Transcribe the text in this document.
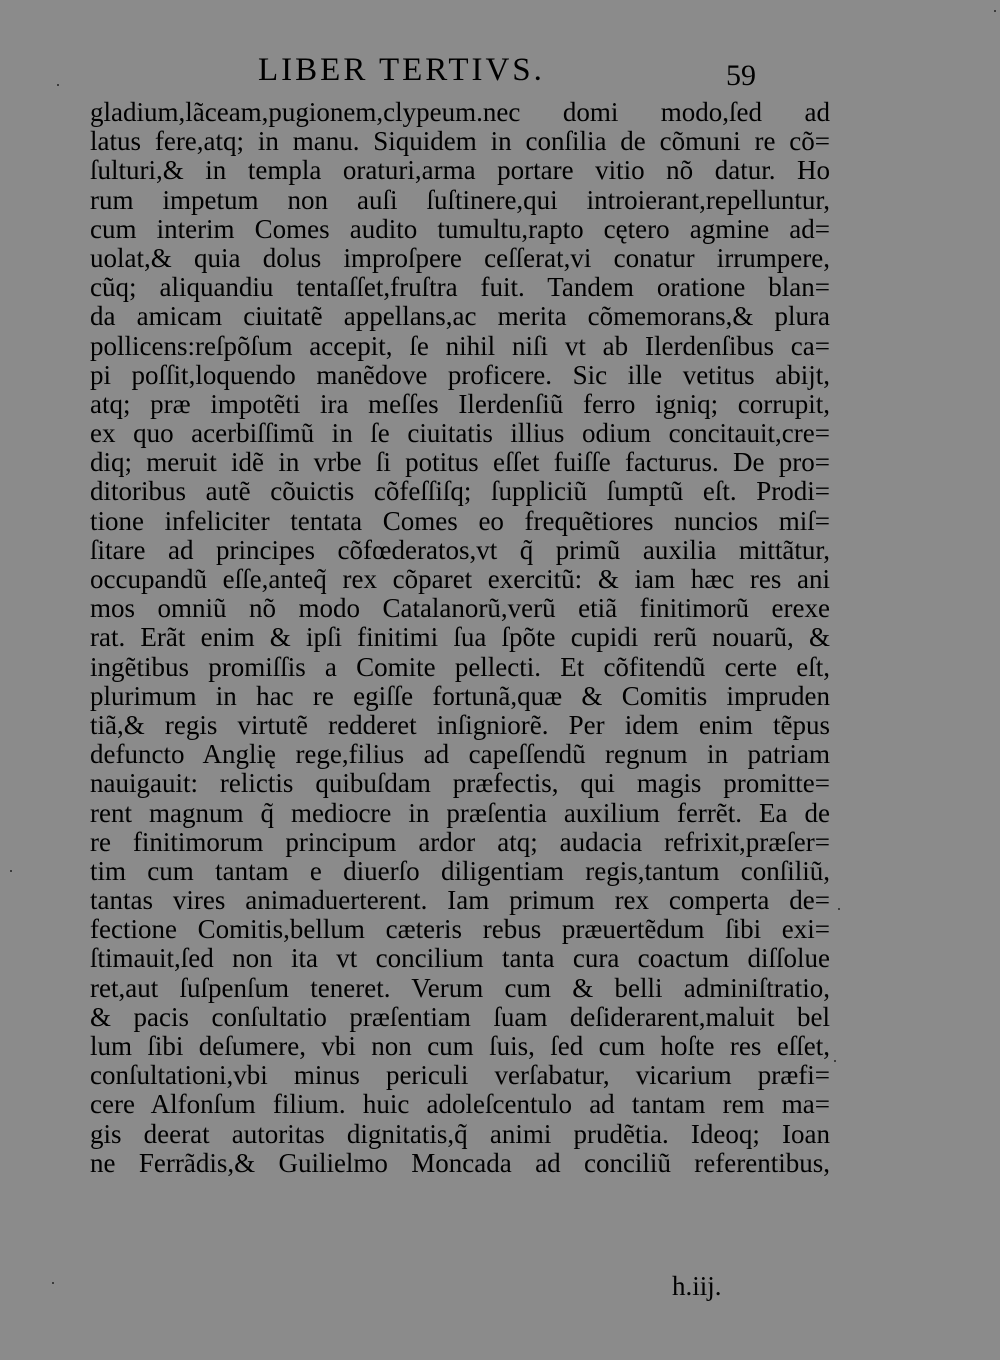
LIBER TERTIVS.	59
gladium,lãceam,pugionem,clypeum.nec domi modo,ſed ad
latus fere,atq; in manu. Siquidem in conſilia de cõmuni re cõ=
ſulturi,& in templa oraturi,arma portare vitio nõ datur. Ho
rum impetum non auſi ſuſtinere,qui introierant,repelluntur,
cum interim Comes audito tumultu,rapto cętero agmine ad=
uolat,& quia dolus improſpere ceſſerat,vi conatur irrumpere,
cũq; aliquandiu tentaſſet,fruſtra fuit. Tandem oratione blan=
da amicam ciuitatẽ appellans,ac merita cõmemorans,& plura
pollicens:reſpõſum accepit, ſe nihil niſi vt ab Ilerdenſibus ca=
pi poſſit,loquendo manẽdove proficere. Sic ille vetitus abijt,
atq; præ impotẽti ira meſſes Ilerdenſiũ ferro igniq; corrupit,
ex quo acerbiſſimũ in ſe ciuitatis illius odium concitauit,cre=
diq; meruit idẽ in vrbe ſi potitus eſſet fuiſſe facturus. De pro=
ditoribus autẽ cõuictis cõfeſſiſq; ſuppliciũ ſumptũ eſt. Prodi=
tione infeliciter tentata Comes eo frequẽtiores nuncios miſ=
ſitare ad principes cõfœderatos,vt q̃ primũ auxilia mittãtur,
occupandũ eſſe,anteq̃ rex cõparet exercitũ: & iam hæc res ani
mos omniũ nõ modo Catalanorũ,verũ etiã finitimorũ erexe
rat. Erãt enim & ipſi finitimi ſua ſpõte cupidi rerũ nouarũ, &
ingẽtibus promiſſis a Comite pellecti. Et cõfitendũ certe eſt,
plurimum in hac re egiſſe fortunã,quæ & Comitis impruden
tiã,& regis virtutẽ redderet inſigniorẽ. Per idem enim tẽpus
defuncto Anglię rege,filius ad capeſſendũ regnum in patriam
nauigauit: relictis quibuſdam præfectis, qui magis promitte=
rent magnum q̃ mediocre in præſentia auxilium ferrẽt. Ea de
re finitimorum principum ardor atq; audacia refrixit,præſer=
tim cum tantam e diuerſo diligentiam regis,tantum conſiliũ,
tantas vires animaduerterent. Iam primum rex comperta de=
fectione Comitis,bellum cæteris rebus præuertẽdum ſibi exi=
ſtimauit,ſed non ita vt concilium tanta cura coactum diſſolue
ret,aut ſuſpenſum teneret. Verum cum & belli adminiſtratio,
& pacis conſultatio præſentiam ſuam deſiderarent,maluit bel
lum ſibi deſumere, vbi non cum ſuis, ſed cum hoſte res eſſet,
conſultationi,vbi minus periculi verſabatur, vicarium præfi=
cere Alfonſum filium. huic adoleſcentulo ad tantam rem ma=
gis deerat autoritas dignitatis,q̃ animi prudẽtia. Ideoq; Ioan
ne Ferrãdis,& Guilielmo Moncada ad conciliũ referentibus,
h.iij.
